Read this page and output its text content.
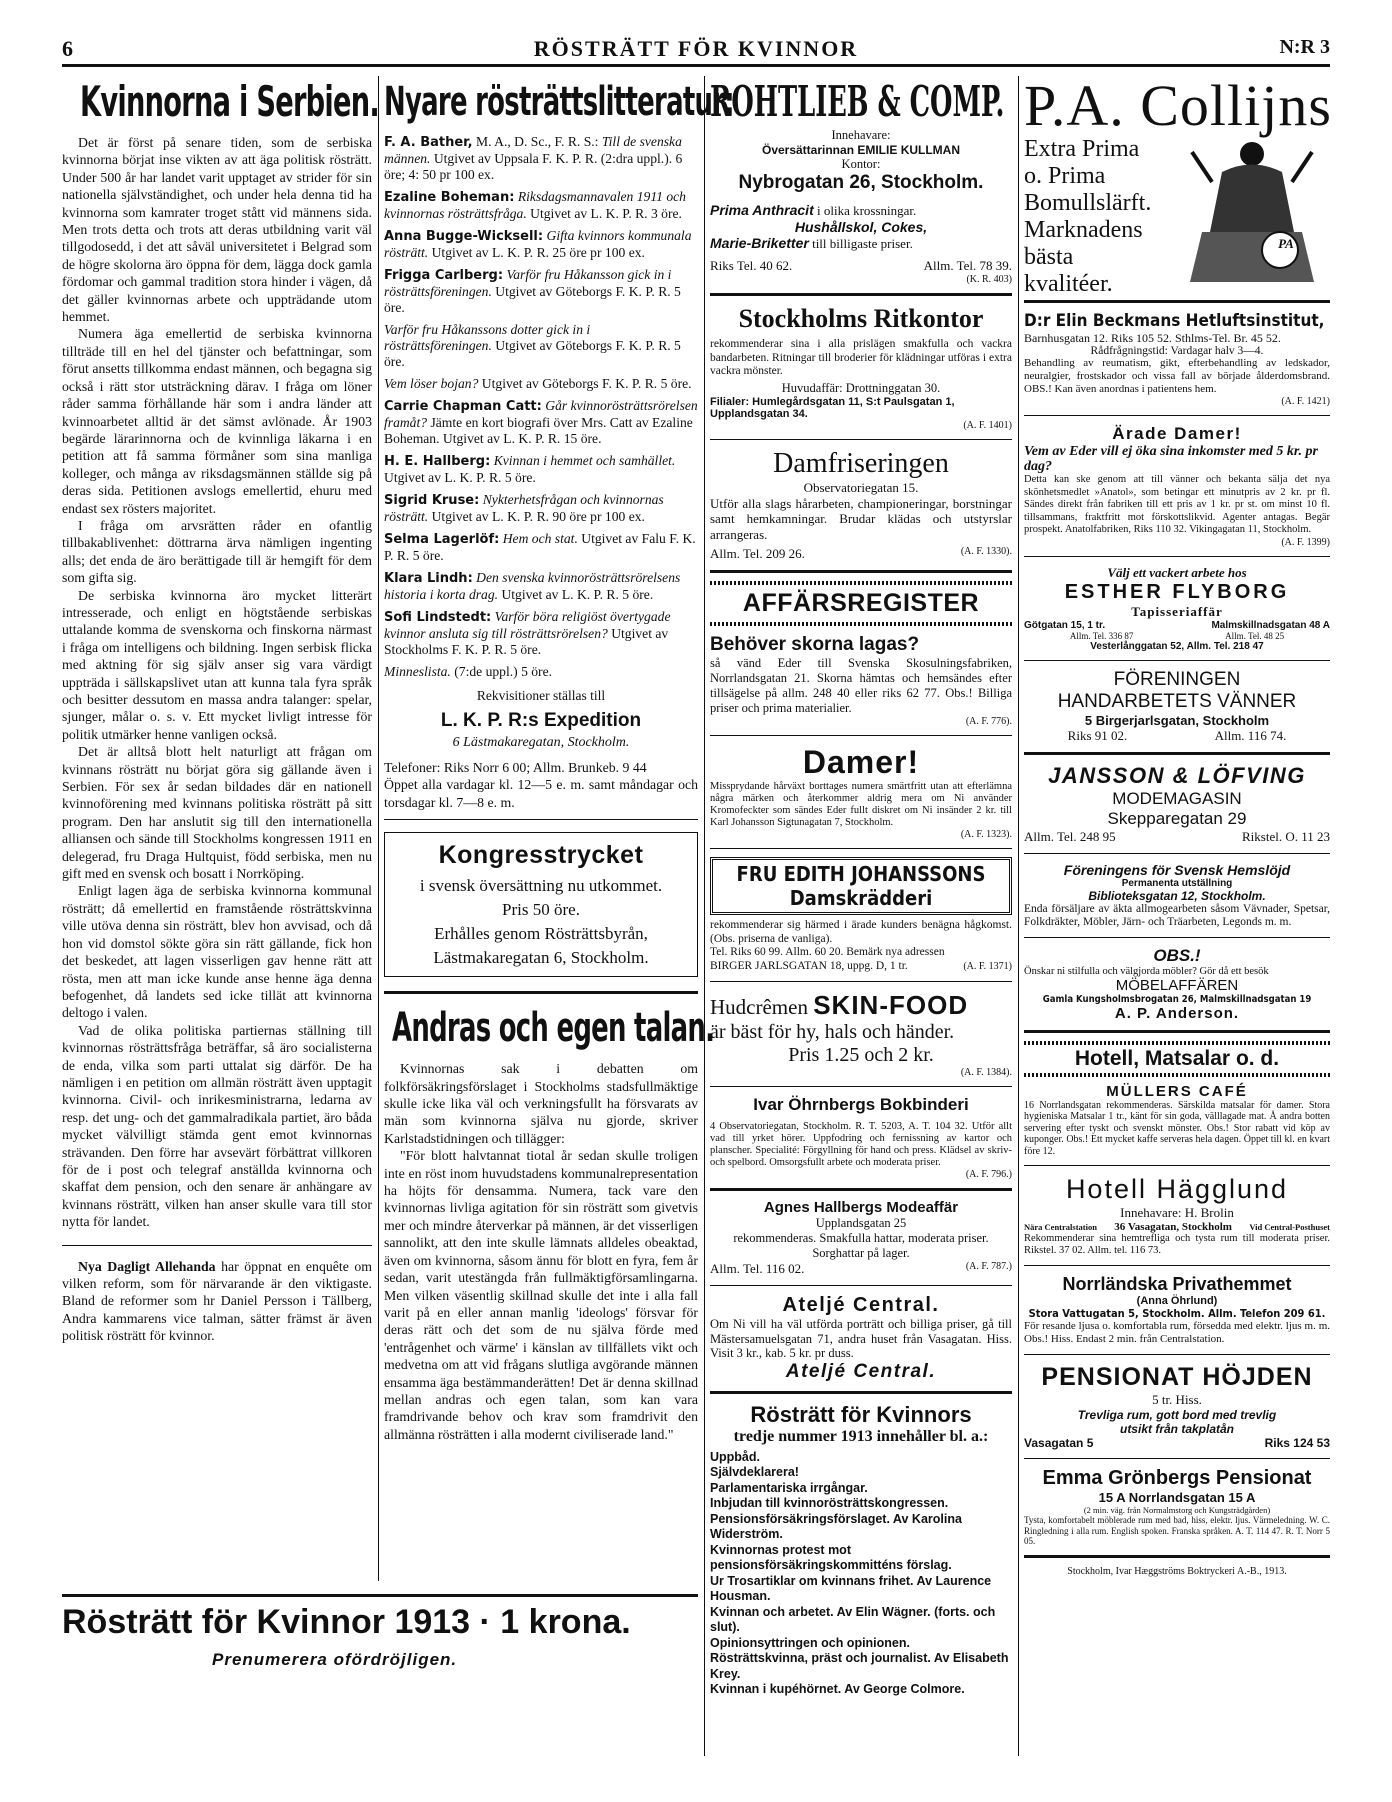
6	RÖSTRÄTT FÖR KVINNOR	N:R 3
Kvinnorna i Serbien.

Det är först på senare tiden, som de serbiska kvinnorna börjat inse vikten av att äga politisk rösträtt. Under 500 år har landet varit upptaget av strider för sin nationella självständighet, och under hela denna tid ha kvinnorna som kamrater troget stått vid männens sida. Men trots detta och trots att deras utbildning varit väl tillgodosedd, i det att såväl universitetet i Belgrad som de högre skolorna äro öppna för dem, lägga dock gamla fördomar och gammal tradition stora hinder i vägen, då det gäller kvinnornas arbete och uppträdande utom hemmet.

Numera äga emellertid de serbiska kvinnorna tillträde till en hel del tjänster och befattningar, som förut ansetts tillkomma endast männen, och begagna sig också i rätt stor utsträckning därav. I fråga om löner råder samma förhållande här som i andra länder att kvinnoarbetet alltid är det sämst avlönade. År 1903 begärde lärarinnorna och de kvinnliga läkarna i en petition att få samma förmåner som sina manliga kolleger, och många av riksdagsmännen ställde sig på deras sida. Petitionen avslogs emellertid, ehuru med endast sex rösters majoritet.

I fråga om arvsrätten råder en ofantlig tillbakablivenhet: döttrarna ärva nämligen ingenting alls; det enda de äro berättigade till är hemgift för dem som gifta sig.

De serbiska kvinnorna äro mycket litterärt intresserade, och enligt en högtstående serbiskas uttalande komma de svenskorna och finskorna närmast i fråga om intelligens och bildning. Ingen serbisk flicka med aktning för sig själv anser sig vara värdigt uppträda i sällskapslivet utan att kunna tala fyra språk och besitter dessutom en massa andra talanger: spelar, sjunger, målar o. s. v. Ett mycket livligt intresse för politik utmärker henne vanligen också.

Det är alltså blott helt naturligt att frågan om kvinnans rösträtt nu börjat göra sig gällande även i Serbien. För sex år sedan bildades där en nationell kvinnoförening med kvinnans politiska rösträtt på sitt program. Den har anslutit sig till den internationella alliansen och sände till Stockholms kongressen 1911 en delegerad, fru Draga Hultquist, född serbiska, men nu gift med en svensk och bosatt i Norrköping.

Enligt lagen äga de serbiska kvinnorna kommunal rösträtt; då emellertid en framstående rösträttskvinna ville utöva denna sin rösträtt, blev hon avvisad, och då hon vid domstol sökte göra sin rätt gällande, fick hon det beskedet, att lagen visserligen gav henne rätt att rösta, men att man icke kunde anse henne äga denna befogenhet, då landets sed icke tillät att kvinnorna deltogo i valen.

Vad de olika politiska partiernas ställning till kvinnornas rösträttsfråga beträffar, så äro socialisterna de enda, vilka som parti uttalat sig därför. De ha nämligen i en petition om allmän rösträtt även upptagit kvinnorna. Civil- och inrikesministrarna, ledarna av resp. det ung- och det gammalradikala partiet, äro båda mycket välvilligt stämda gent emot kvinnornas strävanden. Den förre har avsevärt förbättrat villkoren för de i post och telegraf anställda kvinnorna och skaffat dem pension, och den senare är anhängare av kvinnans rösträtt, vilken han anser skulle vara till stor nytta för landet.

Nya Dagligt Allehanda har öppnat en enquête om vilken reform, som för närvarande är den viktigaste. Bland de reformer som hr Daniel Persson i Tällberg, Andra kammarens vice talman, sätter främst är även politisk rösträtt för kvinnor.

Nyare rösträttslitteratur:
F. A. Bather, M. A., D. Sc., F. R. S.: Till de svenska männen. Utgivet av Uppsala F. K. P. R. (2:dra uppl.). 6 öre; 4: 50 pr 100 ex.
Ezaline Boheman: Riksdagsmannavalen 1911 och kvinnornas rösträttsfråga. Utgivet av L. K. P. R. 3 öre.
Anna Bugge-Wicksell: Gifta kvinnors kommunala rösträtt. Utgivet av L. K. P. R. 25 öre pr 100 ex.
Frigga Carlberg: Varför fru Håkansson gick in i rösträttsföreningen. Utgivet av Göteborgs F. K. P. R. 5 öre.
Varför fru Håkanssons dotter gick in i rösträttsföreningen. Utgivet av Göteborgs F. K. P. R. 5 öre.
Vem löser bojan? Utgivet av Göteborgs F. K. P. R. 5 öre.
Carrie Chapman Catt: Går kvinnorösträttsrörelsen framåt? Jämte en kort biografi över Mrs. Catt av Ezaline Boheman. Utgivet av L. K. P. R. 15 öre.
H. E. Hallberg: Kvinnan i hemmet och samhället. Utgivet av L. K. P. R. 5 öre.
Sigrid Kruse: Nykterhetsfrågan och kvinnornas rösträtt. Utgivet av L. K. P. R. 90 öre pr 100 ex.
Selma Lagerlöf: Hem och stat. Utgivet av Falu F. K. P. R. 5 öre.
Klara Lindh: Den svenska kvinnorösträttsrörelsens historia i korta drag. Utgivet av L. K. P. R. 5 öre.
Sofi Lindstedt: Varför böra religiöst övertygade kvinnor ansluta sig till rösträttsrörelsen? Utgivet av Stockholms F. K. P. R. 5 öre.
Minneslista. (7:de uppl.) 5 öre.
Rekvisitioner ställas till
L. K. P. R:s Expedition
6 Lästmakaregatan, Stockholm.
Telefoner: Riks Norr 6 00; Allm. Brunkeb. 9 44
Öppet alla vardagar kl. 12—5 e. m. samt måndagar och torsdagar kl. 7—8 e. m.
Kongresstrycket
i svensk översättning nu utkommet.
Pris 50 öre.
Erhålles genom Rösträttsbyrån,
Lästmakaregatan 6, Stockholm.
Andras och egen talan.

Kvinnornas sak i debatten om folkförsäkringsförslaget i Stockholms stadsfullmäktige skulle icke lika väl och verkningsfullt ha försvarats av män som kvinnorna själva nu gjorde, skriver Karlstadstidningen och tillägger:

"För blott halvtannat tiotal år sedan skulle troligen inte en röst inom huvudstadens kommunalrepresentation ha höjts för densamma. Numera, tack vare den kvinnornas livliga agitation för sin rösträtt som givetvis mer och mindre återverkar på männen, är det visserligen sannolikt, att den inte skulle lämnats alldeles obeaktad, även om kvinnorna, såsom ännu för blott en fyra, fem år sedan, varit utestängda från fullmäktigförsamlingarna. Men vilken väsentlig skillnad skulle det inte i alla fall varit på en eller annan manlig 'ideologs' försvar för deras rätt och det som de nu själva förde med 'entrågenhet och värme' i känslan av tillfällets vikt och medvetna om att vid frågans slutliga avgörande männen ensamma äga bestämmanderätten! Det är denna skillnad mellan andras och egen talan, som kan vara framdrivande behov och krav som framdrivit den allmänna rösträtten i alla modernt civiliserade land."

Rösträtt för Kvinnor 1913 · 1 krona.
Prenumerera ofördröjligen.
ROHTLIEB & COMP.
Innehavare:
Översättarinnan EMILIE KULLMAN
Kontor:
Nybrogatan 26, Stockholm.
Prima Anthracit i olika krossningar.
Hushållskol, Cokes,
Marie-Briketter till billigaste priser.
Riks Tel. 40 62.	Allm. Tel. 78 39.
(K. R. 403)
Stockholms Ritkontor
rekommenderar sina i alla prislägen smakfulla och vackra bandarbeten. Ritningar till broderier för klädningar utföras i extra vackra mönster.
Huvudaffär: Drottninggatan 30.
Filialer: Humlegårdsgatan 11, S:t Paulsgatan 1, Upplandsgatan 34.
(A. F. 1401)
Damfriseringen
Observatoriegatan 15.
Utför alla slags hårarbeten, championeringar, borstningar samt hemkamningar. Brudar klädas och utstyrslar arrangeras.
Allm. Tel. 209 26.	(A. F. 1330).
AFFÄRSREGISTER
Behöver skorna lagas?
så vänd Eder till Svenska Skosulningsfabriken, Norrlandsgatan 21. Skorna hämtas och hemsändes efter tillsägelse på allm. 248 40 eller riks 62 77. Obs.! Billiga priser och prima materialier.
(A. F. 776).
Damer!
Missprydande hårväxt borttages numera smärtfritt utan att efterlämna några märken och återkommer aldrig mera om Ni använder Kromofeckter som sändes Eder fullt diskret om Ni insänder 2 kr. till Karl Johansson Sigtunagatan 7, Stockholm.
(A. F. 1323).
FRU EDITH JOHANSSONS Damskrädderi
rekommenderar sig härmed i ärade kunders benägna hågkomst. (Obs. priserna de vanliga).
Tel. Riks 60 99. Allm. 60 20. Bemärk nya adressen
BIRGER JARLSGATAN 18, uppg. D, 1 tr.	(A. F. 1371)
Hudcrêmen SKIN-FOOD
är bäst för hy, hals och händer.
Pris 1.25 och 2 kr.
(A. F. 1384).
Ivar Öhrnbergs Bokbinderi
4 Observatoriegatan, Stockholm. R. T. 5203, A. T. 104 32. Utför allt vad till yrket hörer. Uppfodring och fernissning av kartor och planscher. Specialité: Förgyllning för hand och press. Klädsel av skriv- och spelbord. Omsorgsfullt arbete och moderata priser.
(A. F. 796.)
Agnes Hallbergs Modeaffär
Upplandsgatan 25
rekommenderas. Smakfulla hattar, moderata priser. Sorghattar på lager.
Allm. Tel. 116 02.	(A. F. 787.)
Ateljé Central.
Om Ni vill ha väl utförda porträtt och billiga priser, gå till Mästersamuelsgatan 71, andra huset från Vasagatan. Hiss. Visit 3 kr., kab. 5 kr. pr duss.
Ateljé Central.
Rösträtt för Kvinnors
tredje nummer 1913 innehåller bl. a.:
Uppbåd.
Självdeklarera!
Parlamentariska irrgångar.
Inbjudan till kvinnorösträttskongressen.
Pensionsförsäkringsförslaget. Av Karolina Widerström.
Kvinnornas protest mot pensionsförsäkringskommitténs förslag.
Ur Trosartiklar om kvinnans frihet. Av Laurence Housman.
Kvinnan och arbetet. Av Elin Wägner. (forts. och slut).
Opinionsyttringen och opinionen.
Rösträttskvinna, präst och journalist. Av Elisabeth Krey.
Kvinnan i kupéhörnet. Av George Colmore.
P.A. Collijns
Extra Prima
o. Prima
Bomullslärft.
Marknadens
bästa
kvalitéer.
PA
D:r Elin Beckmans Hetluftsinstitut,
Barnhusgatan 12. Riks 105 52. Sthlms-Tel. Br. 45 52.
Rådfrågningstid: Vardagar halv 3—4.
Behandling av reumatism, gikt, efterbehandling av ledskador, neuralgier, frostskador och vissa fall av började ålderdomsbrand. OBS.! Kan även anordnas i patientens hem.
(A. F. 1421)
Ärade Damer!
Vem av Eder vill ej öka sina inkomster med 5 kr. pr dag?
Detta kan ske genom att till vänner och bekanta sälja det nya skönhetsmedlet »Anatol», som betingar ett minutpris av 2 kr. pr fl. Sändes direkt från fabriken till ett pris av 1 kr. pr st. om minst 10 fl. tillsammans, fraktfritt mot förskottslikvid. Agenter antagas. Begär prospekt. Anatolfabriken, Riks 110 32. Vikingagatan 11, Stockholm.
(A. F. 1399)
Välj ett vackert arbete hos
ESTHER FLYBORG
Tapisseriaffär
Götgatan 15, 1 tr.	Malmskillnadsgatan 48 A
Allm. Tel. 336 87	Allm. Tel. 48 25
Vesterlånggatan 52, Allm. Tel. 218 47
FÖRENINGEN
HANDARBETETS VÄNNER
5 Birgerjarlsgatan, Stockholm
Riks 91 02.	Allm. 116 74.
JANSSON & LÖFVING
MODEMAGASIN
Skepparegatan 29
Allm. Tel. 248 95	Rikstel. O. 11 23
Föreningens för Svensk Hemslöjd
Permanenta utställning
Biblioteksgatan 12, Stockholm.
Enda försäljare av äkta allmogearbeten såsom Vävnader, Spetsar, Folkdräkter, Möbler, Järn- och Träarbeten, Legonds m. m.
OBS.!
Önskar ni stilfulla och välgjorda möbler? Gör då ett besök
MÖBELAFFÄREN
Gamla Kungsholmsbrogatan 26, Malmskillnadsgatan 19
A. P. Anderson.
Hotell, Matsalar o. d.
MÜLLERS CAFÉ
16 Norrlandsgatan rekommenderas. Särskilda matsalar för damer. Stora hygieniska Matsalar 1 tr., känt för sin goda, välllagade mat. Å andra botten servering efter tyskt och svenskt mönster. Obs.! Stor rabatt vid köp av kuponger. Obs.! Ett mycket kaffe serveras hela dagen. Öppet till kl. en kvart före 12.
Hotell Hägglund
Innehavare: H. Brolin
Nära Centralstation 36 Vasagatan, Stockholm Vid Central-Posthuset
Rekommenderar sina hemtrefliga och tysta rum till moderata priser. Rikstel. 37 02. Allm. tel. 116 73.
Norrländska Privathemmet
(Anna Öhrlund)
Stora Vattugatan 5, Stockholm. Allm. Telefon 209 61.
För resande ljusa o. komfortabla rum, försedda med elektr. ljus m. m. Obs.! Hiss. Endast 2 min. från Centralstation.
PENSIONAT HÖJDEN
5 tr. Hiss.
Trevliga rum, gott bord med trevlig
utsikt från takplatån
Vasagatan 5	Riks 124 53
Emma Grönbergs Pensionat
15 A Norrlandsgatan 15 A
(2 min. väg. från Normalmstorg och Kungsträdgården)
Tysta, komfortabelt möblerade rum med bad, hiss, elektr. ljus. Värmeledning. W. C. Ringledning i alla rum. English spoken. Franska språken. A. T. 114 47. R. T. Norr 5 05.
Stockholm, Ivar Hæggströms Boktryckeri A.-B., 1913.
